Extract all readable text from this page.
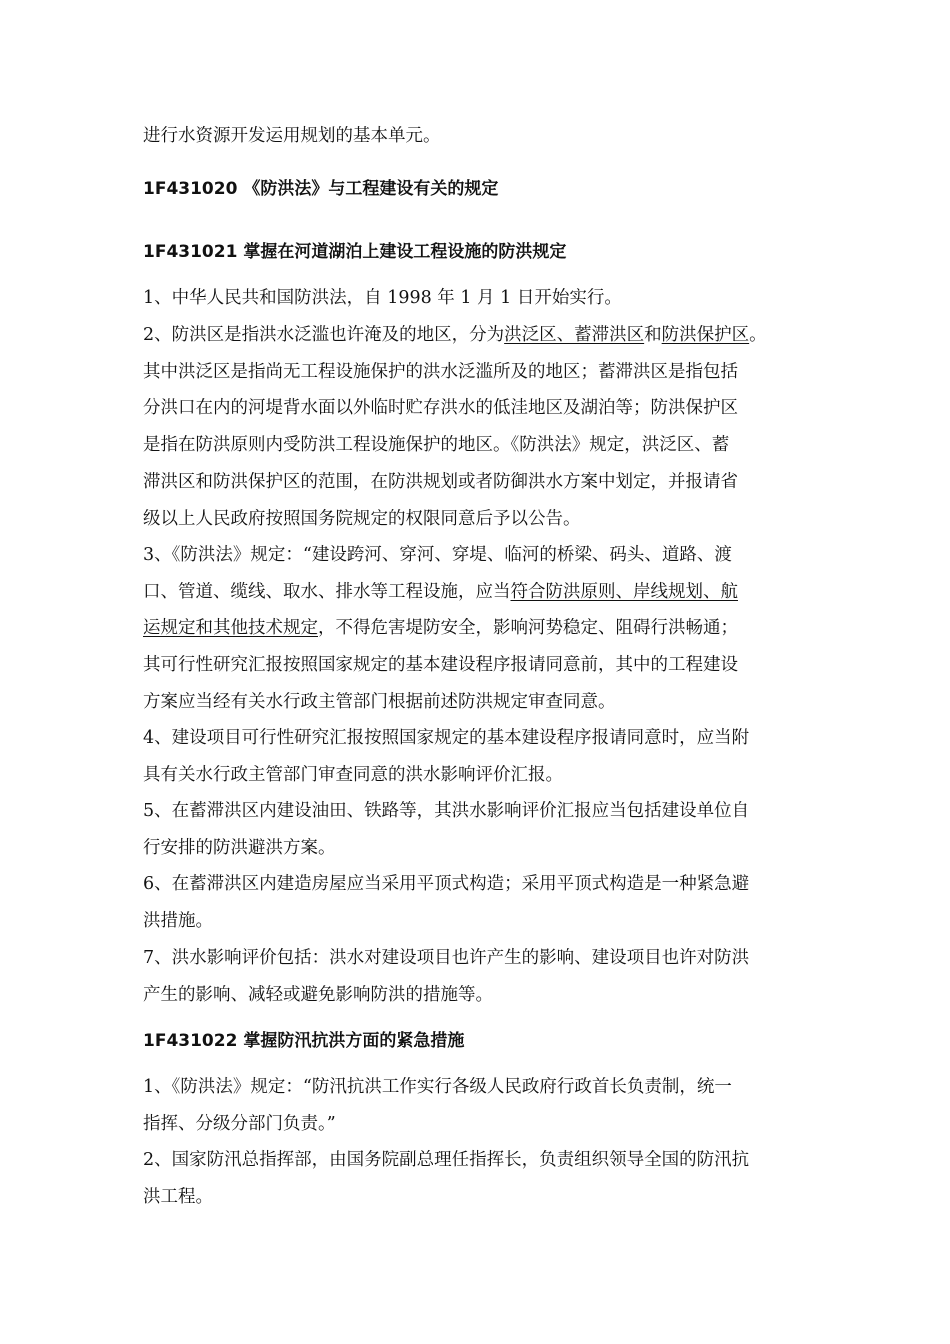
进行水资源开发运用规划的基本单元。

1F431020 《防洪法》与工程建设有关的规定
1F431021 掌握在河道湖泊上建设工程设施的防洪规定

1、中华人民共和国防洪法，自 1998 年 1 月 1 日开始实行。

2、防洪区是指洪水泛滥也许淹及的地区，分为洪泛区、蓄滞洪区和防洪保护区。
其中洪泛区是指尚无工程设施保护的洪水泛滥所及的地区；蓄滞洪区是指包括
分洪口在内的河堤背水面以外临时贮存洪水的低洼地区及湖泊等；防洪保护区
是指在防洪原则内受防洪工程设施保护的地区。《防洪法》规定，洪泛区、蓄
滞洪区和防洪保护区的范围，在防洪规划或者防御洪水方案中划定，并报请省
级以上人民政府按照国务院规定的权限同意后予以公告。

3、《防洪法》规定：“建设跨河、穿河、穿堤、临河的桥梁、码头、道路、渡
口、管道、缆线、取水、排水等工程设施，应当符合防洪原则、岸线规划、航
运规定和其他技术规定，不得危害堤防安全，影响河势稳定、阻碍行洪畅通；
其可行性研究汇报按照国家规定的基本建设程序报请同意前，其中的工程建设
方案应当经有关水行政主管部门根据前述防洪规定审查同意。

4、建设项目可行性研究汇报按照国家规定的基本建设程序报请同意时，应当附
具有关水行政主管部门审查同意的洪水影响评价汇报。

5、在蓄滞洪区内建设油田、铁路等，其洪水影响评价汇报应当包括建设单位自
行安排的防洪避洪方案。

6、在蓄滞洪区内建造房屋应当采用平顶式构造；采用平顶式构造是一种紧急避
洪措施。

7、洪水影响评价包括：洪水对建设项目也许产生的影响、建设项目也许对防洪
产生的影响、减轻或避免影响防洪的措施等。

1F431022 掌握防汛抗洪方面的紧急措施

1、《防洪法》规定：“防汛抗洪工作实行各级人民政府行政首长负责制，统一
指挥、分级分部门负责。”

2、国家防汛总指挥部，由国务院副总理任指挥长，负责组织领导全国的防汛抗
洪工程。
